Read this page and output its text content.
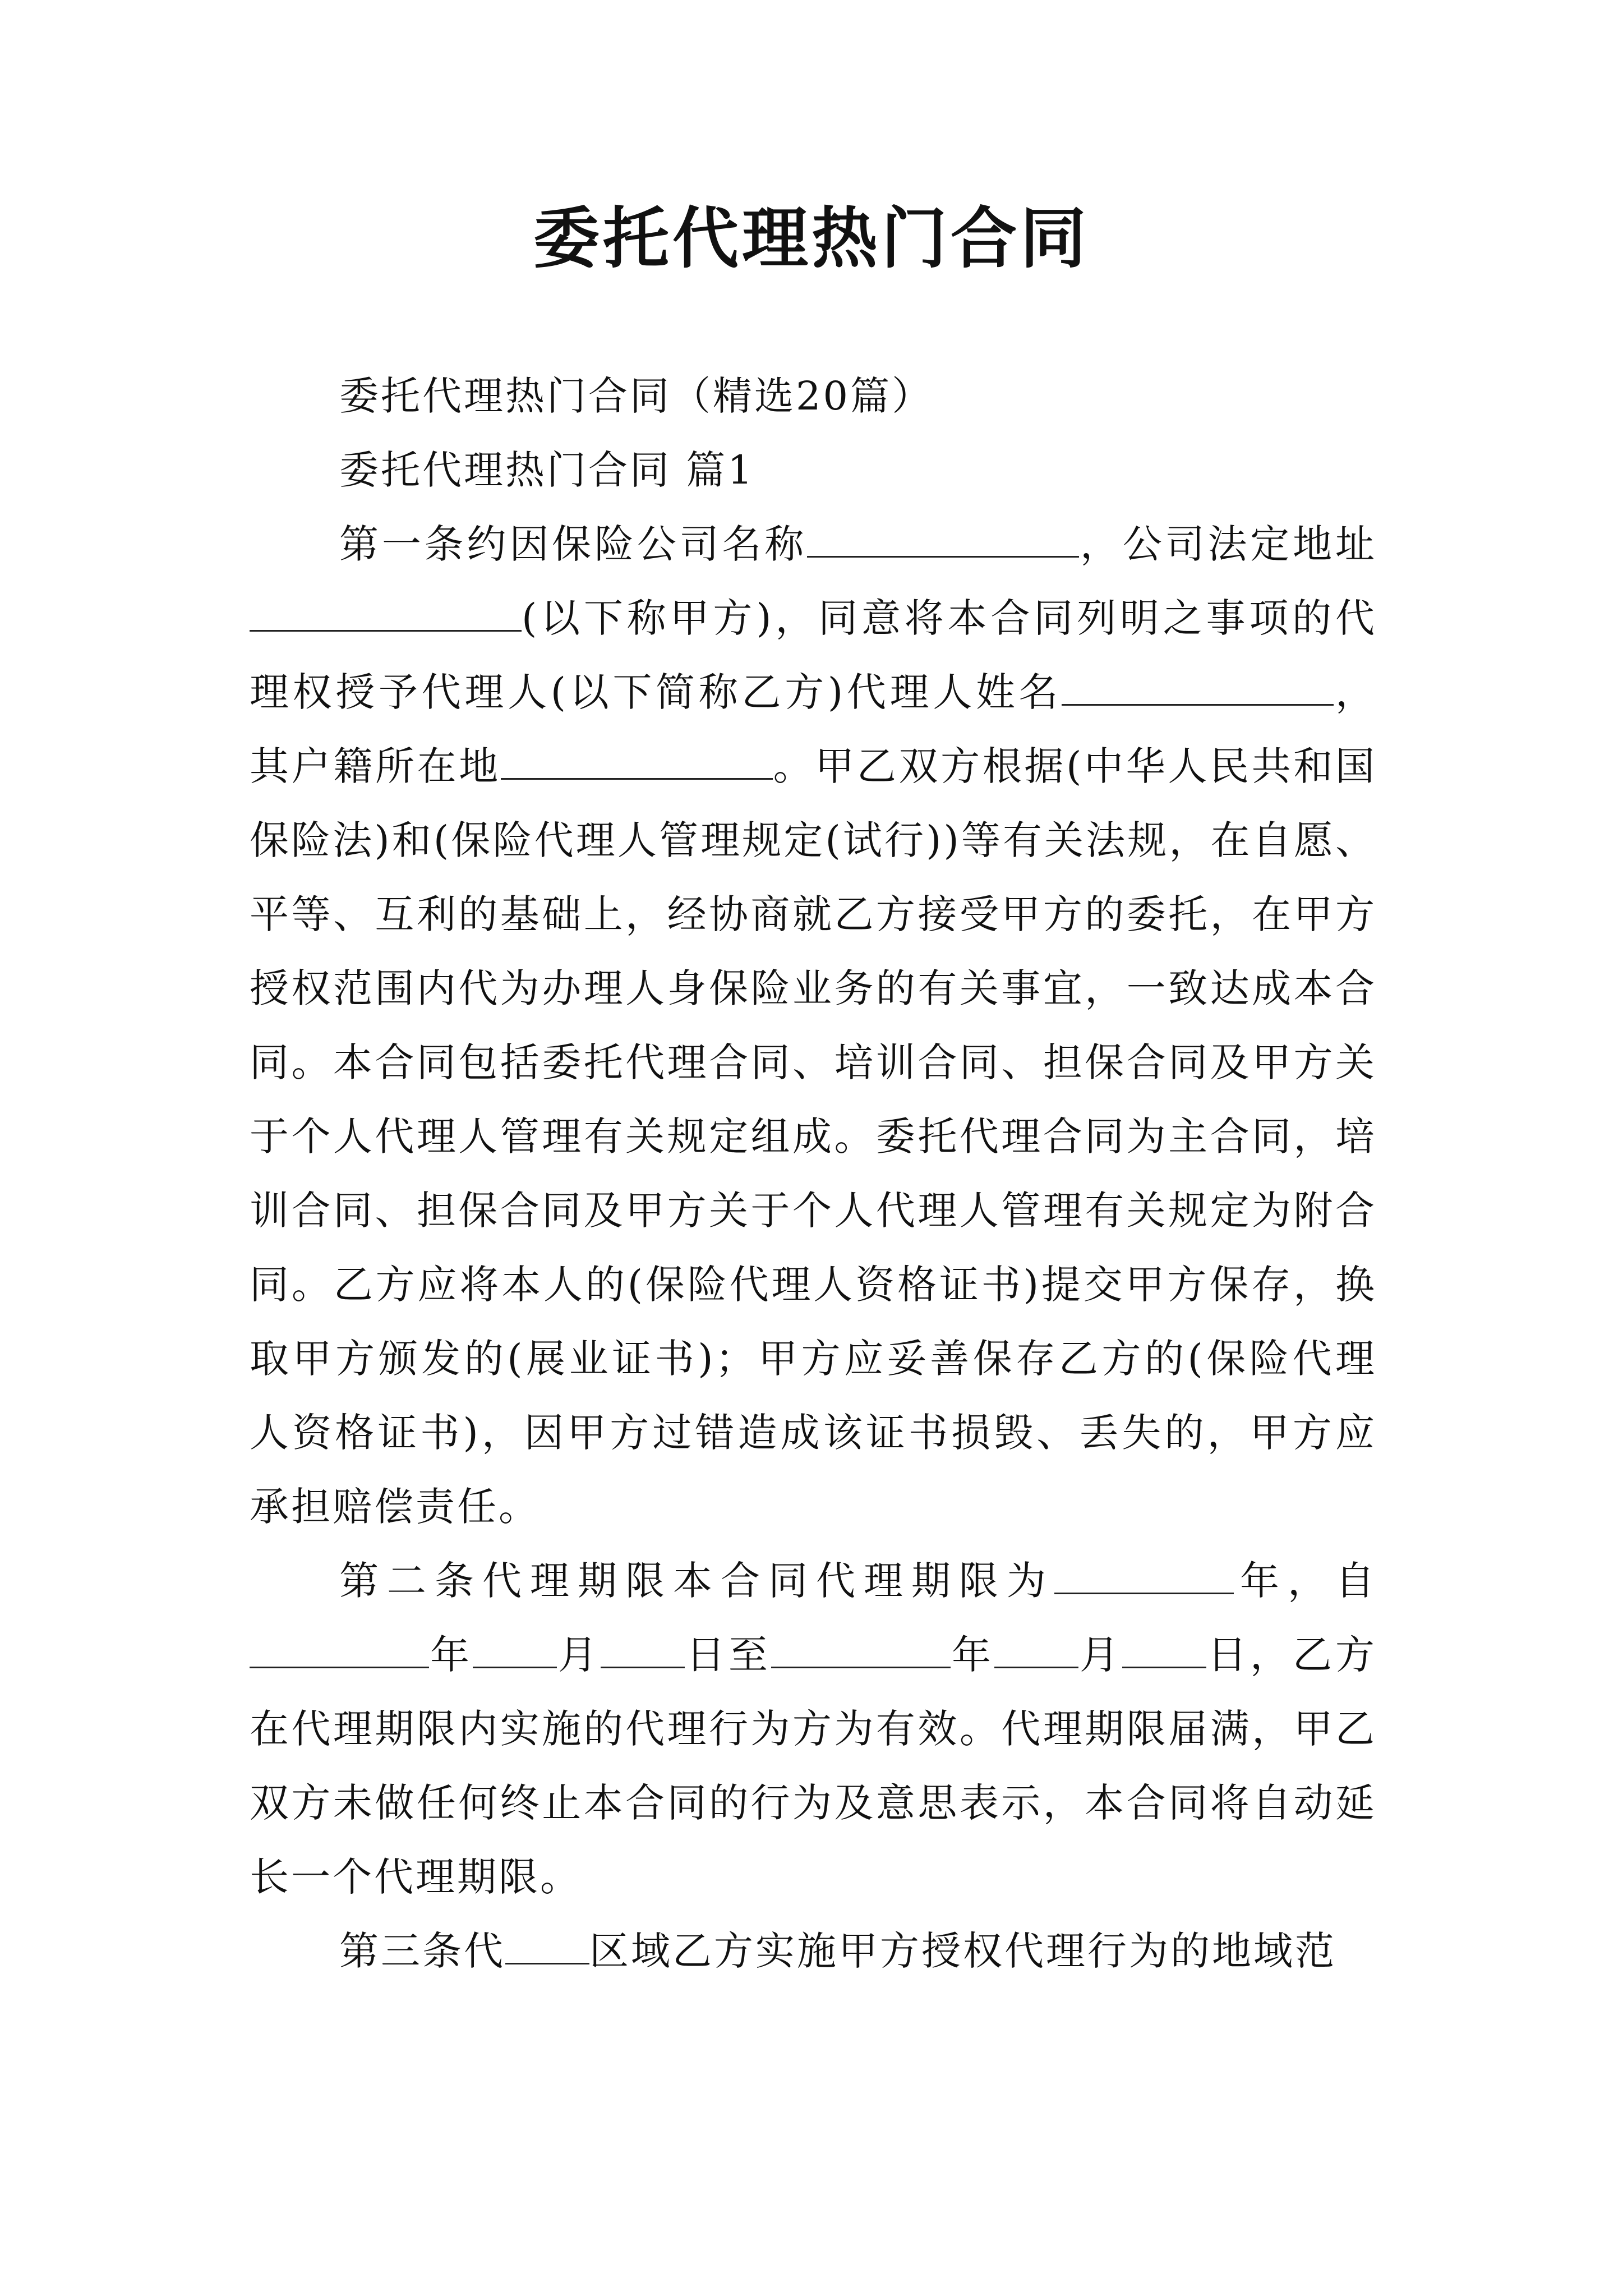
委托代理热门合同

委托代理热门合同（精选20篇）

委托代理热门合同 篇1

第一条约因保险公司名称	，公司法定地址(以下称甲方)，同意将本合同列明之事项的代理权授予代理人(以下简称乙方)代理人姓名	，其户籍所在地	。甲乙双方根据(中华人民共和国保险法)和(保险代理人管理规定(试行))等有关法规，在自愿、平等、互利的基础上，经协商就乙方接受甲方的委托，在甲方授权范围内代为办理人身保险业务的有关事宜，一致达成本合同。本合同包括委托代理合同、培训合同、担保合同及甲方关于个人代理人管理有关规定组成。委托代理合同为主合同，培训合同、担保合同及甲方关于个人代理人管理有关规定为附合同。乙方应将本人的(保险代理人资格证书)提交甲方保存，换取甲方颁发的(展业证书)；甲方应妥善保存乙方的(保险代理人资格证书)，因甲方过错造成该证书损毁、丢失的，甲方应承担赔偿责任。

第二条代理期限本合同代理期限为	年，自年 月 日至	年 月 日，乙方在代理期限内实施的代理行为方为有效。代理期限届满，甲乙双方未做任何终止本合同的行为及意思表示，本合同将自动延长一个代理期限。

第三条代 区域乙方实施甲方授权代理行为的地域范
